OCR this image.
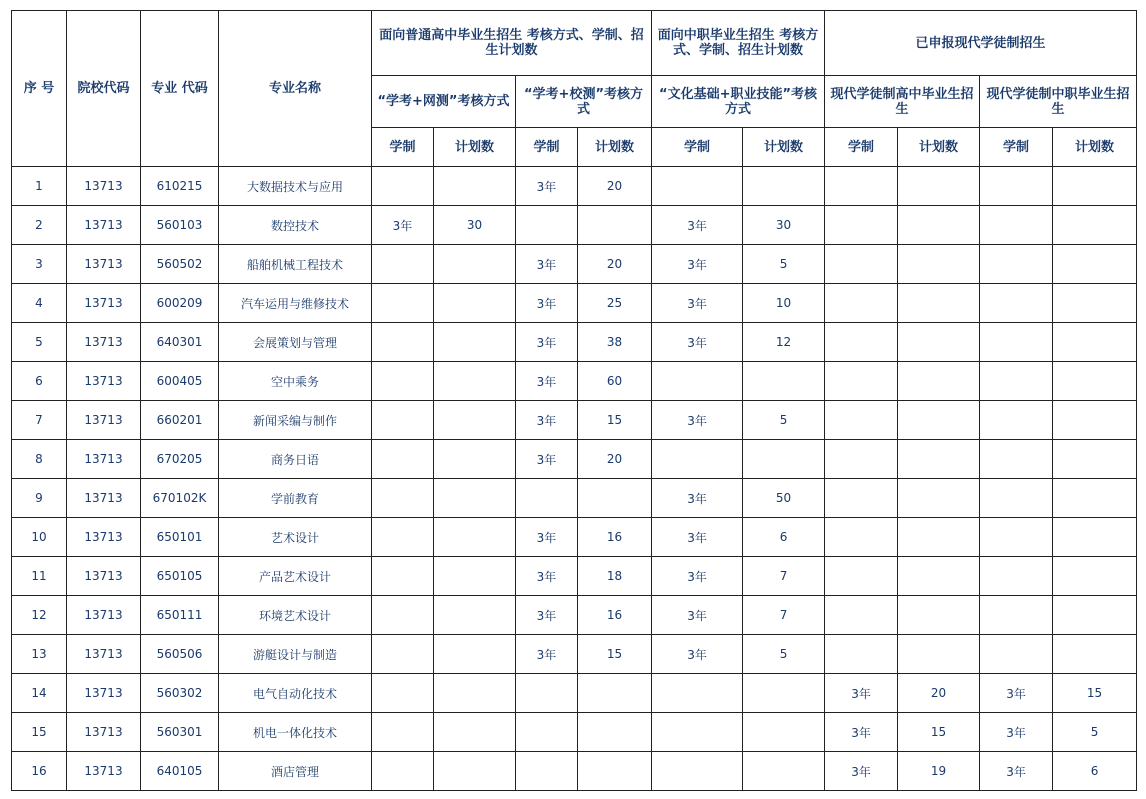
序 号	院校代码	专业 代码	专业名称	面向普通高中毕业生招生 考核方式、学制、招生计划数				面向中职毕业生招生 考核方式、学制、招生计划数		已申报现代学徒制招生			
				“学考+网测”考核方式		“学考+校测”考核方式		“文化基础+职业技能”考核方式		现代学徒制高中毕业生招生		现代学徒制中职毕业生招生	
				学制	计划数	学制	计划数	学制	计划数	学制	计划数	学制	计划数
1	13713	610215	大数据技术与应用			3年	20						
2	13713	560103	数控技术	3年	30			3年	30				
3	13713	560502	船舶机械工程技术			3年	20	3年	5				
4	13713	600209	汽车运用与维修技术			3年	25	3年	10				
5	13713	640301	会展策划与管理			3年	38	3年	12				
6	13713	600405	空中乘务			3年	60						
7	13713	660201	新闻采编与制作			3年	15	3年	5				
8	13713	670205	商务日语			3年	20						
9	13713	670102K	学前教育					3年	50				
10	13713	650101	艺术设计			3年	16	3年	6				
11	13713	650105	产品艺术设计			3年	18	3年	7				
12	13713	650111	环境艺术设计			3年	16	3年	7				
13	13713	560506	游艇设计与制造			3年	15	3年	5				
14	13713	560302	电气自动化技术							3年	20	3年	15
15	13713	560301	机电一体化技术							3年	15	3年	5
16	13713	640105	酒店管理							3年	19	3年	6
